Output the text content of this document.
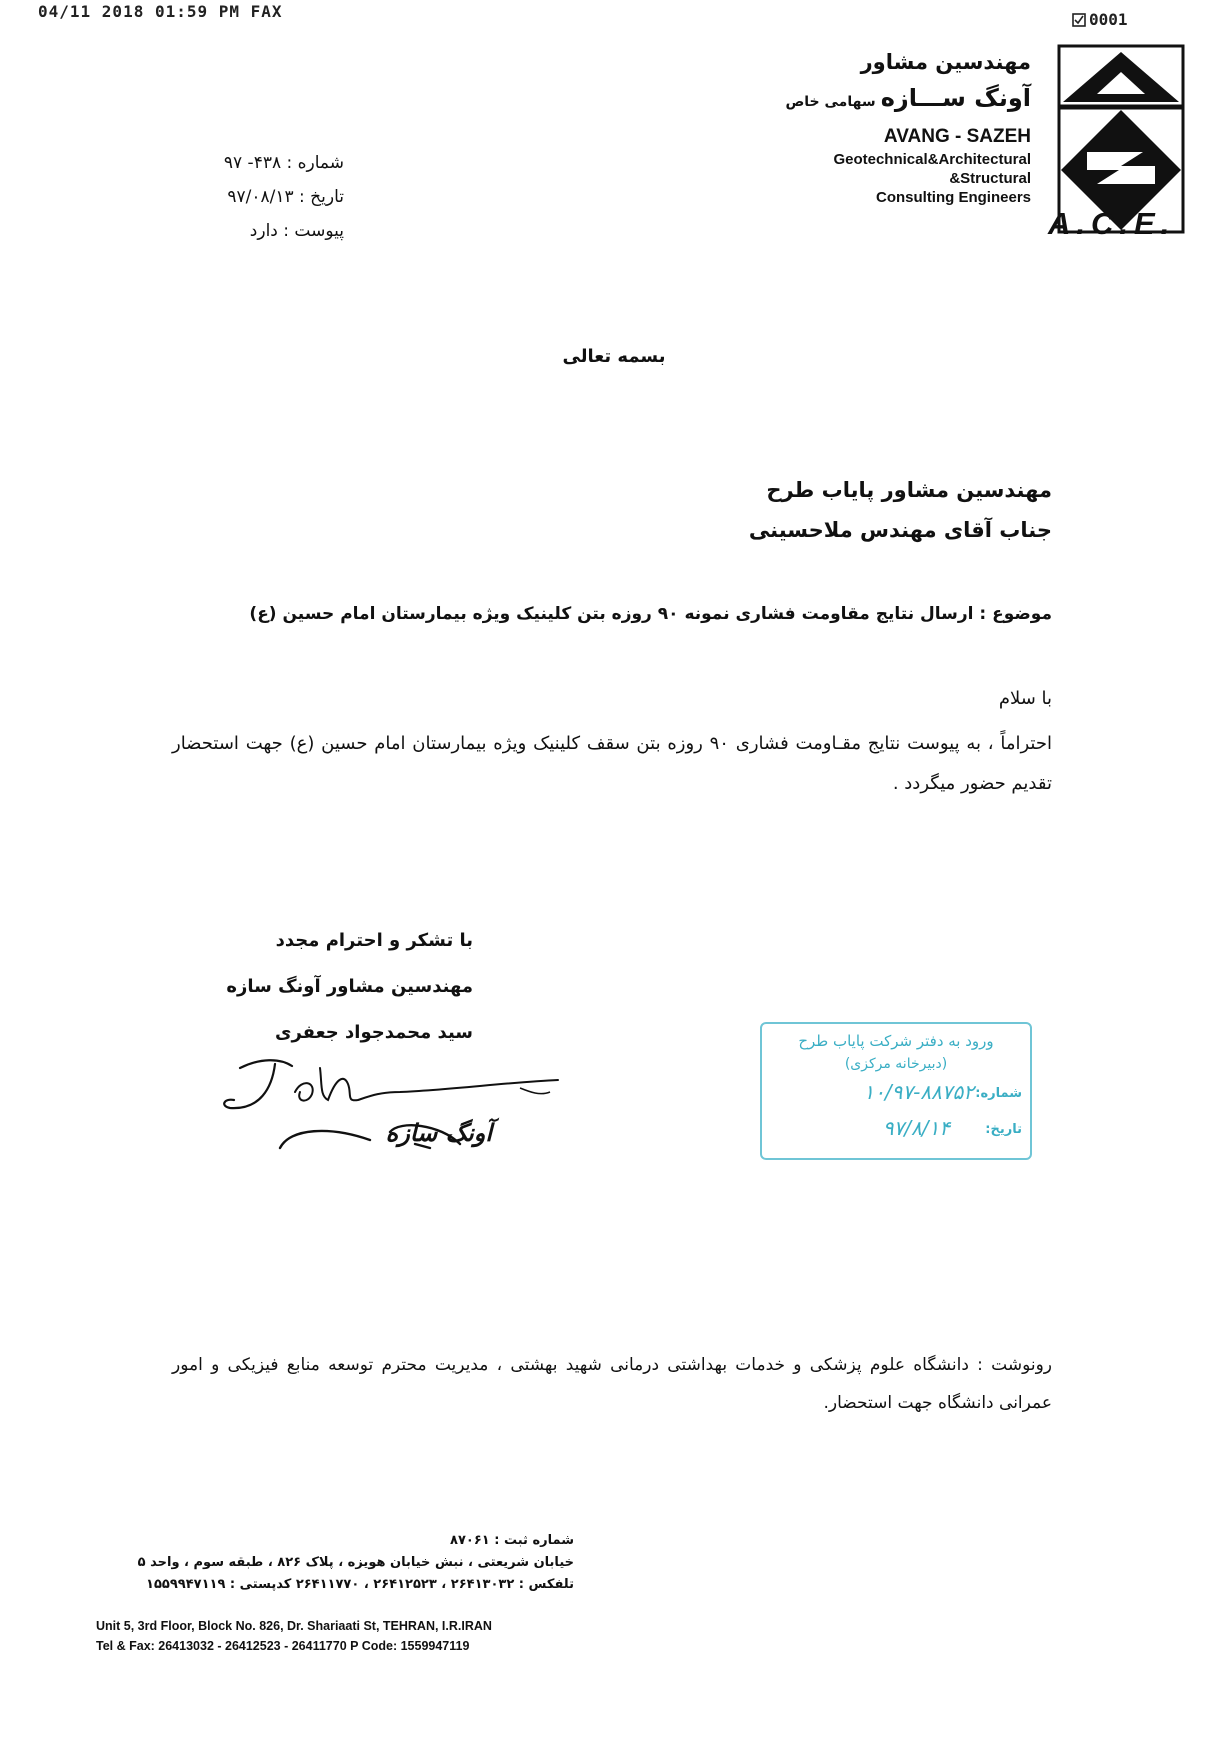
04/11 2018 01:59 PM FAX	0001
مهندسین مشاور
آونگ ســـازه سهامی خاص
AVANG - SAZEH
Geotechnical&Architectural
&Structural
Consulting Engineers
A.C.E.
شماره : ۴۳۸- ۹۷
تاریخ : ۹۷/۰۸/۱۳
پیوست : دارد
بسمه تعالی
مهندسین مشاور پایاب طرح
جناب آقای مهندس ملاحسینی
موضوع : ارسال نتایج مقاومت فشاری نمونه ۹۰ روزه بتن کلینیک ویژه بیمارستان امام حسین (ع)
با سلام
احتراماً ، به پیوست نتایج مقـاومت فشاری ۹۰ روزه بتن سقف کلینیک ویژه بیمارستان امام حسین (ع) جهت استحضار تقدیم حضور میگردد .
با تشکر و احترام مجدد
مهندسین مشاور آونگ سازه
سید محمدجواد جعفری
آونگ سازه
ورود به دفتر شرکت پایاب طرح
(دبیرخانه مرکزی)
شماره:
۱۰/۹۷-۸۸۷۵۲
تاریخ:
۹۷/۸/۱۴
رونوشت : دانشگاه علوم پزشکی و خدمات بهداشتی درمانی شهید بهشتی ، مدیریت محترم توسعه منابع فیزیکی و امور عمرانی دانشگاه جهت استحضار.
شماره ثبت : ۸۷۰۶۱
خیابان شریعتی ، نبش خیابان هویزه ، پلاک ۸۲۶ ، طبقه سوم ، واحد ۵
تلفکس : ۲۶۴۱۳۰۳۲ ، ۲۶۴۱۲۵۲۳ ، ۲۶۴۱۱۷۷۰ کدپستی : ۱۵۵۹۹۴۷۱۱۹
Unit 5, 3rd Floor, Block No. 826, Dr. Shariaati St, TEHRAN, I.R.IRAN
Tel & Fax: 26413032 - 26412523 - 26411770 P Code: 1559947119
